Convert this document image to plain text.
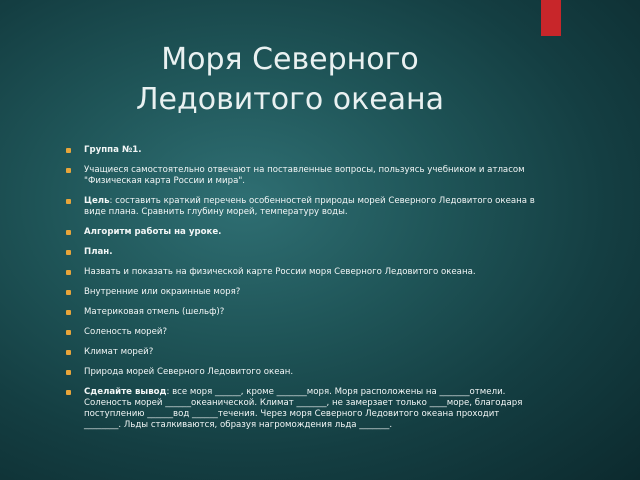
Моря Северного
Ледовитого океана
Группа №1.
Учащиеся самостоятельно отвечают на поставленные вопросы, пользуясь учебником и атласом "Физическая карта России и мира".
Цель: составить краткий перечень особенностей природы морей Северного Ледовитого океана в виде плана. Сравнить глубину морей, температуру воды.
Алгоритм работы на уроке.
План.
Назвать и показать на физической карте России моря Северного Ледовитого океана.
Внутренние или окраинные моря?
Материковая отмель (шельф)?
Соленость морей?
Климат морей?
Природа морей Северного Ледовитого океан.
Сделайте вывод: все моря ______, кроме _______моря. Моря расположены на _______отмели. Соленость морей ______океанической. Климат _______, не замерзает только ____море, благодаря поступлению ______вод ______течения. Через моря Северного Ледовитого океана проходит ________. Льды сталкиваются, образуя нагромождения льда _______.
